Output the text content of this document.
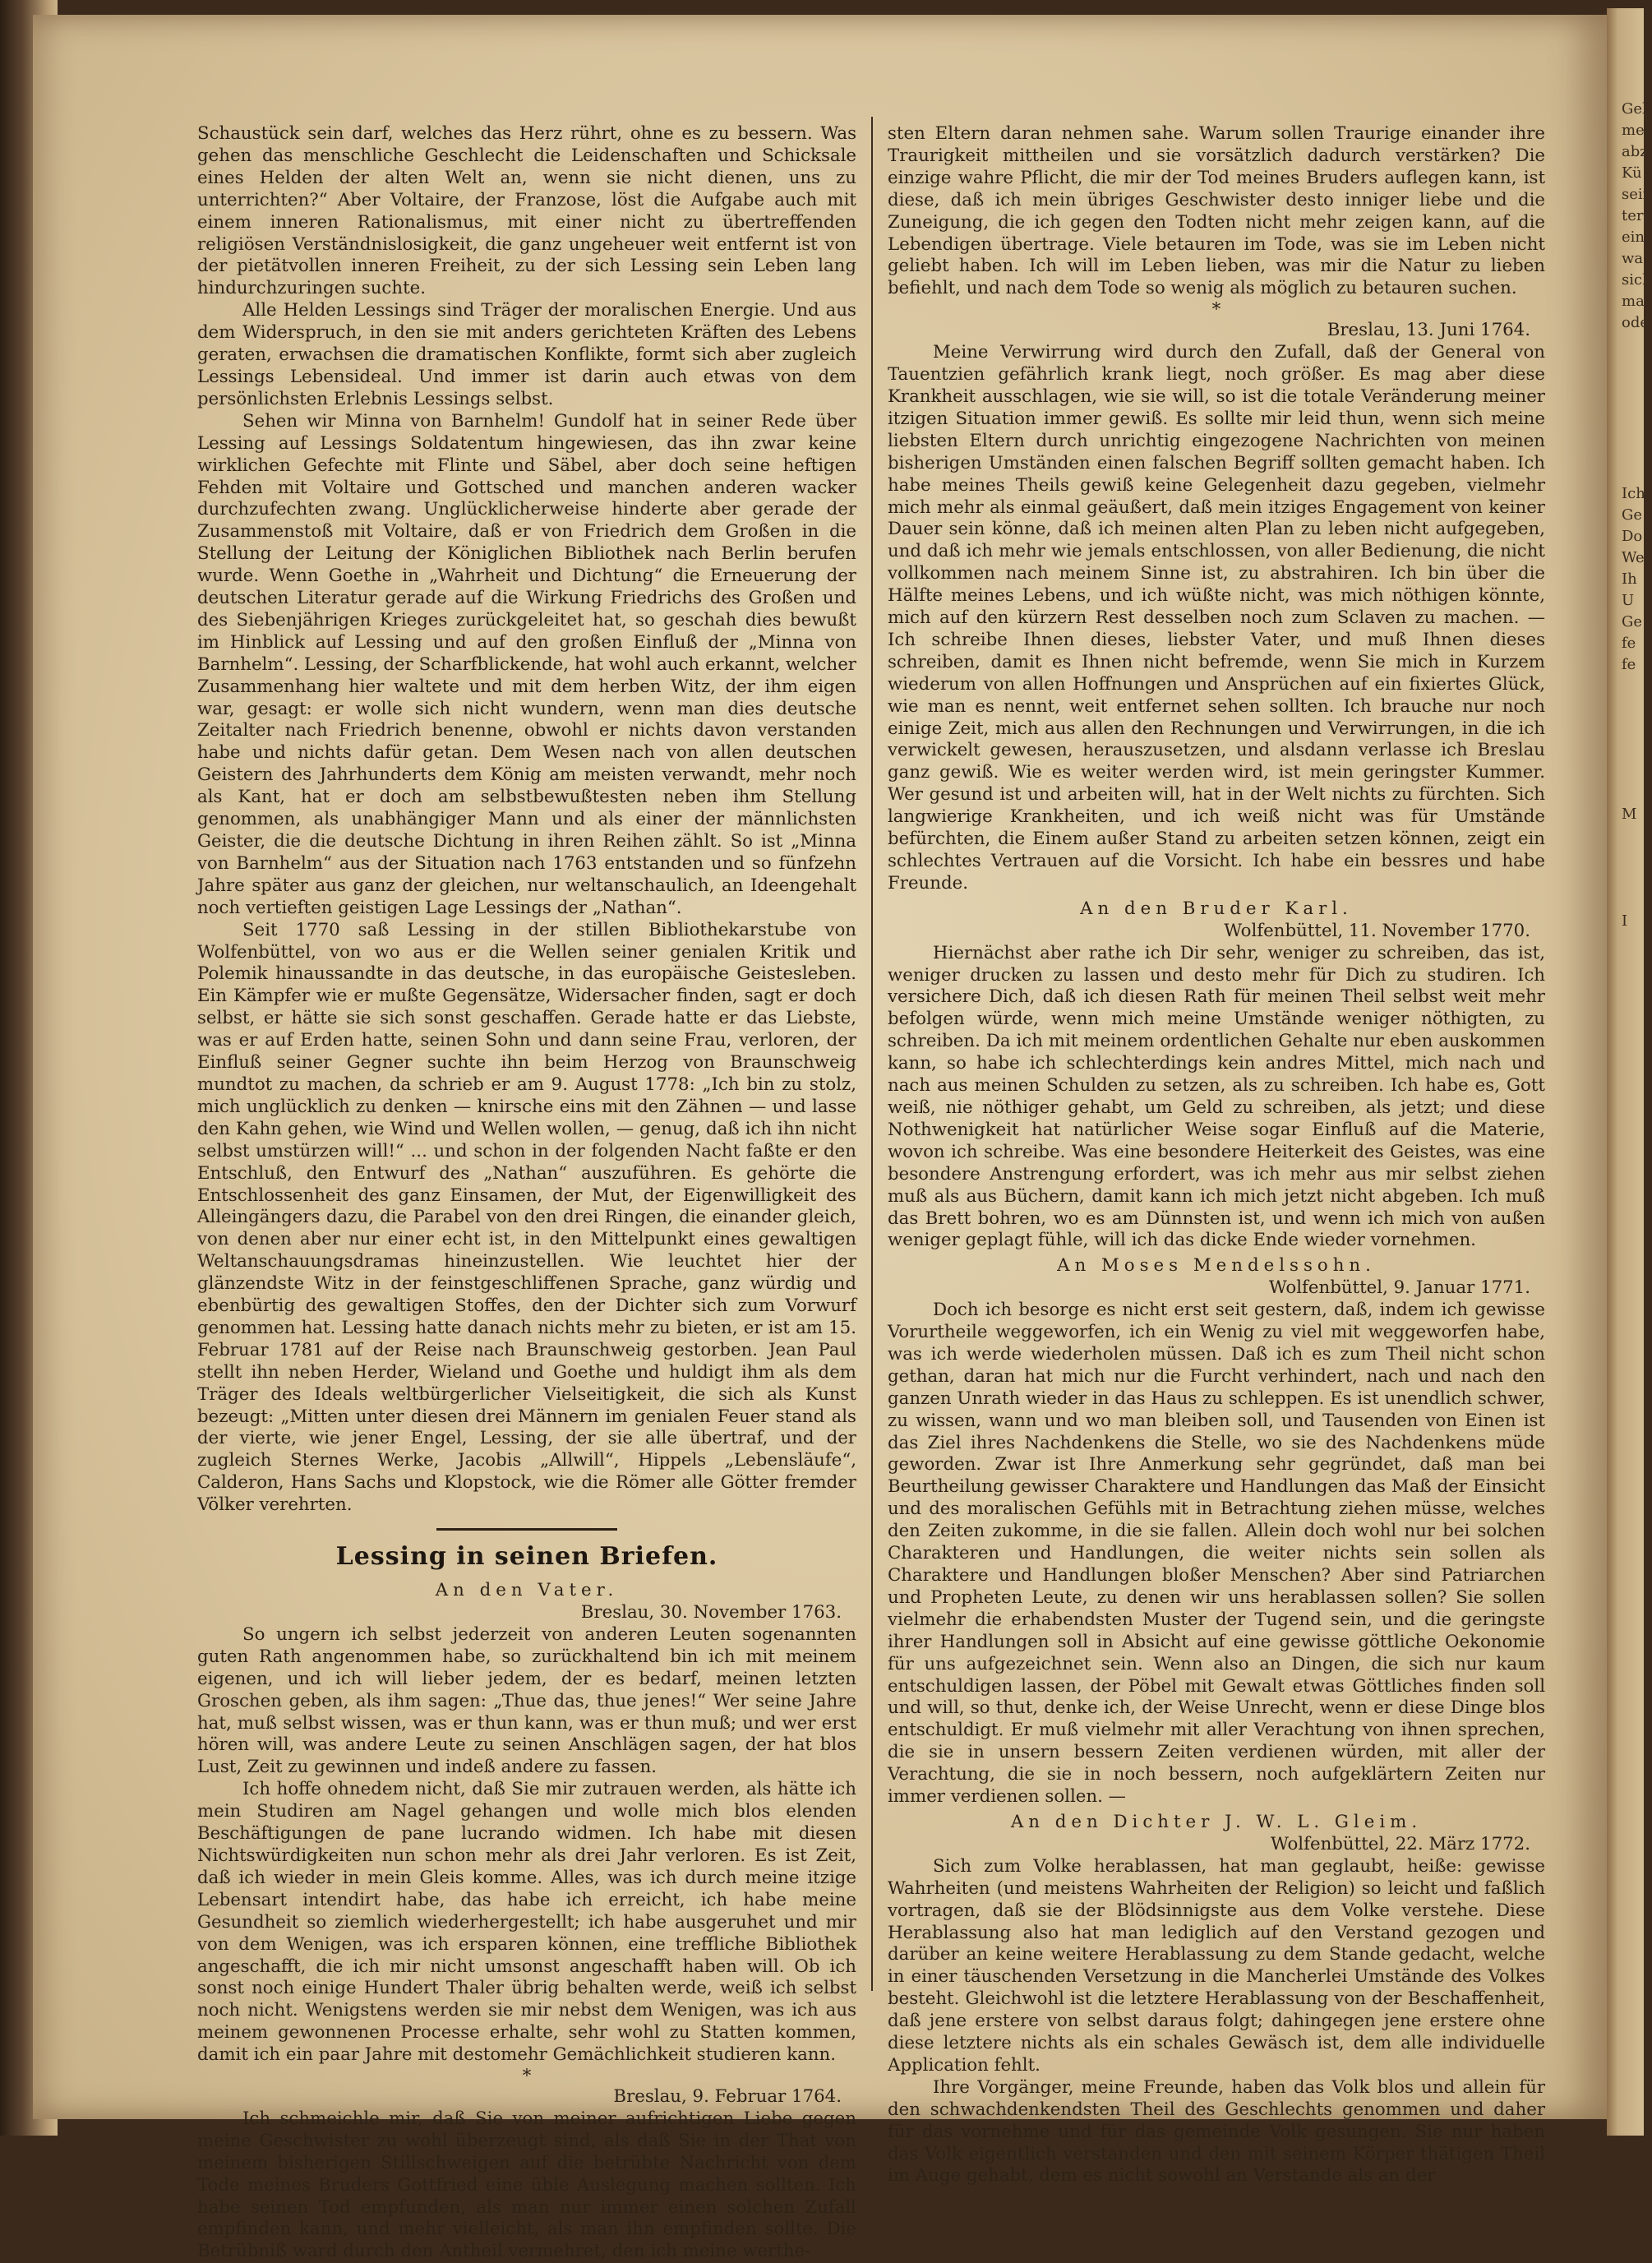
Schaustück sein darf, welches das Herz rührt, ohne es zu bessern. Was gehen das menschliche Geschlecht die Leidenschaften und Schicksale eines Helden der alten Welt an, wenn sie nicht dienen, uns zu unterrichten?“ Aber Voltaire, der Franzose, löst die Aufgabe auch mit einem inneren Rationalismus, mit einer nicht zu übertreffenden religiösen Verständnislosigkeit, die ganz ungeheuer weit entfernt ist von der pietätvollen inneren Freiheit, zu der sich Lessing sein Leben lang hindurchzuringen suchte.

Alle Helden Lessings sind Träger der moralischen Energie. Und aus dem Widerspruch, in den sie mit anders gerichteten Kräften des Lebens geraten, erwachsen die dramatischen Konflikte, formt sich aber zugleich Lessings Lebensideal. Und immer ist darin auch etwas von dem persönlichsten Erlebnis Lessings selbst.

Sehen wir Minna von Barnhelm! Gundolf hat in seiner Rede über Lessing auf Lessings Soldatentum hingewiesen, das ihn zwar keine wirklichen Gefechte mit Flinte und Säbel, aber doch seine heftigen Fehden mit Voltaire und Gottsched und manchen anderen wacker durchzufechten zwang. Unglücklicherweise hinderte aber gerade der Zusammenstoß mit Voltaire, daß er von Friedrich dem Großen in die Stellung der Leitung der Königlichen Bibliothek nach Berlin berufen wurde. Wenn Goethe in „Wahrheit und Dichtung“ die Erneuerung der deutschen Literatur gerade auf die Wirkung Friedrichs des Großen und des Siebenjährigen Krieges zurückgeleitet hat, so geschah dies bewußt im Hinblick auf Lessing und auf den großen Einfluß der „Minna von Barnhelm“. Lessing, der Scharfblickende, hat wohl auch erkannt, welcher Zusammenhang hier waltete und mit dem herben Witz, der ihm eigen war, gesagt: er wolle sich nicht wundern, wenn man dies deutsche Zeitalter nach Friedrich benenne, obwohl er nichts davon verstanden habe und nichts dafür getan. Dem Wesen nach von allen deutschen Geistern des Jahrhunderts dem König am meisten verwandt, mehr noch als Kant, hat er doch am selbstbewußtesten neben ihm Stellung genommen, als unabhängiger Mann und als einer der männlichsten Geister, die die deutsche Dichtung in ihren Reihen zählt. So ist „Minna von Barnhelm“ aus der Situation nach 1763 entstanden und so fünfzehn Jahre später aus ganz der gleichen, nur weltanschaulich, an Ideengehalt noch vertieften geistigen Lage Lessings der „Nathan“.

Seit 1770 saß Lessing in der stillen Bibliothekarstube von Wolfenbüttel, von wo aus er die Wellen seiner genialen Kritik und Polemik hinaussandte in das deutsche, in das europäische Geistesleben. Ein Kämpfer wie er mußte Gegensätze, Widersacher finden, sagt er doch selbst, er hätte sie sich sonst geschaffen. Gerade hatte er das Liebste, was er auf Erden hatte, seinen Sohn und dann seine Frau, verloren, der Einfluß seiner Gegner suchte ihn beim Herzog von Braunschweig mundtot zu machen, da schrieb er am 9. August 1778: „Ich bin zu stolz, mich unglücklich zu denken — knirsche eins mit den Zähnen — und lasse den Kahn gehen, wie Wind und Wellen wollen, — genug, daß ich ihn nicht selbst umstürzen will!“ ... und schon in der folgenden Nacht faßte er den Entschluß, den Entwurf des „Nathan“ auszuführen. Es gehörte die Entschlossenheit des ganz Einsamen, der Mut, der Eigenwilligkeit des Alleingängers dazu, die Parabel von den drei Ringen, die einander gleich, von denen aber nur einer echt ist, in den Mittelpunkt eines gewaltigen Weltanschauungsdramas hineinzustellen. Wie leuchtet hier der glänzendste Witz in der feinstgeschliffenen Sprache, ganz würdig und ebenbürtig des gewaltigen Stoffes, den der Dichter sich zum Vorwurf genommen hat. Lessing hatte danach nichts mehr zu bieten, er ist am 15. Februar 1781 auf der Reise nach Braunschweig gestorben. Jean Paul stellt ihn neben Herder, Wieland und Goethe und huldigt ihm als dem Träger des Ideals weltbürgerlicher Vielseitigkeit, die sich als Kunst bezeugt: „Mitten unter diesen drei Männern im genialen Feuer stand als der vierte, wie jener Engel, Lessing, der sie alle übertraf, und der zugleich Sternes Werke, Jacobis „Allwill“, Hippels „Lebensläufe“, Calderon, Hans Sachs und Klopstock, wie die Römer alle Götter fremder Völker verehrten.

Lessing in seinen Briefen.

An den Vater.

Breslau, 30. November 1763.

So ungern ich selbst jederzeit von anderen Leuten sogenannten guten Rath angenommen habe, so zurückhaltend bin ich mit meinem eigenen, und ich will lieber jedem, der es bedarf, meinen letzten Groschen geben, als ihm sagen: „Thue das, thue jenes!“ Wer seine Jahre hat, muß selbst wissen, was er thun kann, was er thun muß; und wer erst hören will, was andere Leute zu seinen Anschlägen sagen, der hat blos Lust, Zeit zu gewinnen und indeß andere zu fassen.

Ich hoffe ohnedem nicht, daß Sie mir zutrauen werden, als hätte ich mein Studiren am Nagel gehangen und wolle mich blos elenden Beschäftigungen de pane lucrando widmen. Ich habe mit diesen Nichtswürdigkeiten nun schon mehr als drei Jahr verloren. Es ist Zeit, daß ich wieder in mein Gleis komme. Alles, was ich durch meine itzige Lebensart intendirt habe, das habe ich erreicht, ich habe meine Gesundheit so ziemlich wiederhergestellt; ich habe ausgeruhet und mir von dem Wenigen, was ich ersparen können, eine treffliche Bibliothek angeschafft, die ich mir nicht umsonst angeschafft haben will. Ob ich sonst noch einige Hundert Thaler übrig behalten werde, weiß ich selbst noch nicht. Wenigstens werden sie mir nebst dem Wenigen, was ich aus meinem gewonnenen Processe erhalte, sehr wohl zu Statten kommen, damit ich ein paar Jahre mit destomehr Gemächlichkeit studieren kann.

*

Breslau, 9. Februar 1764.

Ich schmeichle mir, daß Sie von meiner aufrichtigen Liebe gegen meine Geschwister zu wohl überzeugt sind, als daß Sie in der That von meinem bisherigen Stillschweigen auf die betrübte Nachricht von dem Tode meines Bruders Gottfried eine üble Auslegung machen sollten. Ich habe seinen Tod empfunden, als man nur immer einen solchen Zufall empfinden kann, und mehr vielleicht, als man ihn empfinden sollte. Die Betrübniß ward durch den Antheil vermehret, den ich meine werthe-

sten Eltern daran nehmen sahe. Warum sollen Traurige einander ihre Traurigkeit mittheilen und sie vorsätzlich dadurch verstärken? Die einzige wahre Pflicht, die mir der Tod meines Bruders auflegen kann, ist diese, daß ich mein übriges Geschwister desto inniger liebe und die Zuneigung, die ich gegen den Todten nicht mehr zeigen kann, auf die Lebendigen übertrage. Viele betauren im Tode, was sie im Leben nicht geliebt haben. Ich will im Leben lieben, was mir die Natur zu lieben befiehlt, und nach dem Tode so wenig als möglich zu betauren suchen.

*

Breslau, 13. Juni 1764.

Meine Verwirrung wird durch den Zufall, daß der General von Tauentzien gefährlich krank liegt, noch größer. Es mag aber diese Krankheit ausschlagen, wie sie will, so ist die totale Veränderung meiner itzigen Situation immer gewiß. Es sollte mir leid thun, wenn sich meine liebsten Eltern durch unrichtig eingezogene Nachrichten von meinen bisherigen Umständen einen falschen Begriff sollten gemacht haben. Ich habe meines Theils gewiß keine Gelegenheit dazu gegeben, vielmehr mich mehr als einmal geäußert, daß mein itziges Engagement von keiner Dauer sein könne, daß ich meinen alten Plan zu leben nicht aufgegeben, und daß ich mehr wie jemals entschlossen, von aller Bedienung, die nicht vollkommen nach meinem Sinne ist, zu abstrahiren. Ich bin über die Hälfte meines Lebens, und ich wüßte nicht, was mich nöthigen könnte, mich auf den kürzern Rest desselben noch zum Sclaven zu machen. — Ich schreibe Ihnen dieses, liebster Vater, und muß Ihnen dieses schreiben, damit es Ihnen nicht befremde, wenn Sie mich in Kurzem wiederum von allen Hoffnungen und Ansprüchen auf ein fixiertes Glück, wie man es nennt, weit entfernet sehen sollten. Ich brauche nur noch einige Zeit, mich aus allen den Rechnungen und Verwirrungen, in die ich verwickelt gewesen, herauszusetzen, und alsdann verlasse ich Breslau ganz gewiß. Wie es weiter werden wird, ist mein geringster Kummer. Wer gesund ist und arbeiten will, hat in der Welt nichts zu fürchten. Sich langwierige Krankheiten, und ich weiß nicht was für Umstände befürchten, die Einem außer Stand zu arbeiten setzen können, zeigt ein schlechtes Vertrauen auf die Vorsicht. Ich habe ein bessres und habe Freunde.

An den Bruder Karl.

Wolfenbüttel, 11. November 1770.

Hiernächst aber rathe ich Dir sehr, weniger zu schreiben, das ist, weniger drucken zu lassen und desto mehr für Dich zu studiren. Ich versichere Dich, daß ich diesen Rath für meinen Theil selbst weit mehr befolgen würde, wenn mich meine Umstände weniger nöthigten, zu schreiben. Da ich mit meinem ordentlichen Gehalte nur eben auskommen kann, so habe ich schlechterdings kein andres Mittel, mich nach und nach aus meinen Schulden zu setzen, als zu schreiben. Ich habe es, Gott weiß, nie nöthiger gehabt, um Geld zu schreiben, als jetzt; und diese Nothwenigkeit hat natürlicher Weise sogar Einfluß auf die Materie, wovon ich schreibe. Was eine besondere Heiterkeit des Geistes, was eine besondere Anstrengung erfordert, was ich mehr aus mir selbst ziehen muß als aus Büchern, damit kann ich mich jetzt nicht abgeben. Ich muß das Brett bohren, wo es am Dünnsten ist, und wenn ich mich von außen weniger geplagt fühle, will ich das dicke Ende wieder vornehmen.

An Moses Mendelssohn.

Wolfenbüttel, 9. Januar 1771.

Doch ich besorge es nicht erst seit gestern, daß, indem ich gewisse Vorurtheile weggeworfen, ich ein Wenig zu viel mit weggeworfen habe, was ich werde wiederholen müssen. Daß ich es zum Theil nicht schon gethan, daran hat mich nur die Furcht verhindert, nach und nach den ganzen Unrath wieder in das Haus zu schleppen. Es ist unendlich schwer, zu wissen, wann und wo man bleiben soll, und Tausenden von Einen ist das Ziel ihres Nachdenkens die Stelle, wo sie des Nachdenkens müde geworden. Zwar ist Ihre Anmerkung sehr gegründet, daß man bei Beurtheilung gewisser Charaktere und Handlungen das Maß der Einsicht und des moralischen Gefühls mit in Betrachtung ziehen müsse, welches den Zeiten zukomme, in die sie fallen. Allein doch wohl nur bei solchen Charakteren und Handlungen, die weiter nichts sein sollen als Charaktere und Handlungen bloßer Menschen? Aber sind Patriarchen und Propheten Leute, zu denen wir uns herablassen sollen? Sie sollen vielmehr die erhabendsten Muster der Tugend sein, und die geringste ihrer Handlungen soll in Absicht auf eine gewisse göttliche Oekonomie für uns aufgezeichnet sein. Wenn also an Dingen, die sich nur kaum entschuldigen lassen, der Pöbel mit Gewalt etwas Göttliches finden soll und will, so thut, denke ich, der Weise Unrecht, wenn er diese Dinge blos entschuldigt. Er muß vielmehr mit aller Verachtung von ihnen sprechen, die sie in unsern bessern Zeiten verdienen würden, mit aller der Verachtung, die sie in noch bessern, noch aufgeklärtern Zeiten nur immer verdienen sollen. —

An den Dichter J. W. L. Gleim.

Wolfenbüttel, 22. März 1772.

Sich zum Volke herablassen, hat man geglaubt, heiße: gewisse Wahrheiten (und meistens Wahrheiten der Religion) so leicht und faßlich vortragen, daß sie der Blödsinnigste aus dem Volke verstehe. Diese Herablassung also hat man lediglich auf den Verstand gezogen und darüber an keine weitere Herablassung zu dem Stande gedacht, welche in einer täuschenden Versetzung in die Mancherlei Umstände des Volkes besteht. Gleichwohl ist die letztere Herablassung von der Beschaffenheit, daß jene erstere von selbst daraus folgt; dahingegen jene erstere ohne diese letztere nichts als ein schales Gewäsch ist, dem alle individuelle Application fehlt.

Ihre Vorgänger, meine Freunde, haben das Volk blos und allein für den schwachdenkendsten Theil des Geschlechts genommen und daher für das vornehme und für das gemeinde Volk gesungen. Sie nur haben das Volk eigentlich verstanden und den mit seinem Körper thätigen Theil im Auge gehabt, dem es nicht sowohl an Verstande als an der

Gel
mei
abz
Kü
sein
tere
ein
wa
sich
ma
ode

Ich
Ge
Do
We
Ih
U
Ge
fe
fe

M

I
